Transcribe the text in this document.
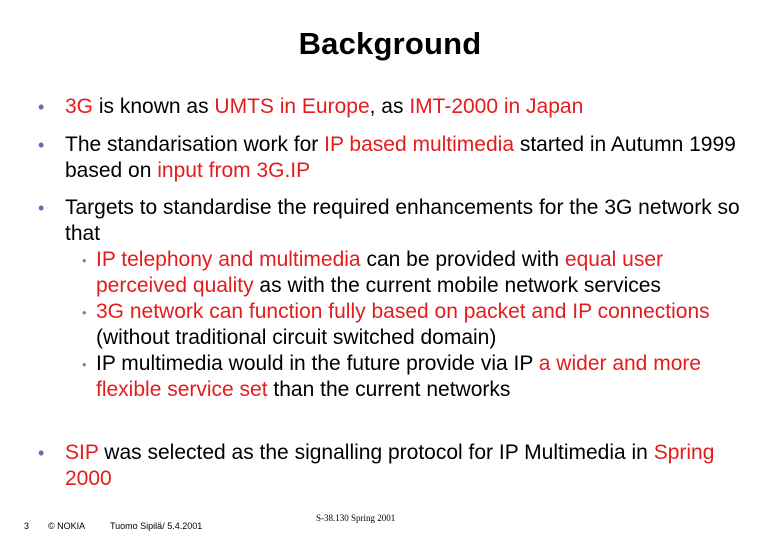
Background
• 3G is known as UMTS in Europe, as IMT-2000 in Japan
• The standarisation work for IP based multimedia started in Autumn 1999 based on input from 3G.IP
• Targets to standardise the required enhancements for the 3G network so that
• IP telephony and multimedia can be provided with equal user perceived quality as with the current mobile network services
• 3G network can function fully based on packet and IP connections (without traditional circuit switched domain)
• IP multimedia would in the future provide via IP a wider and more flexible service set than the current networks
• SIP was selected as the signalling protocol for IP Multimedia in Spring 2000
3 © NOKIA	Tuomo Sipilä/ 5.4.2001
S-38.130 Spring 2001
